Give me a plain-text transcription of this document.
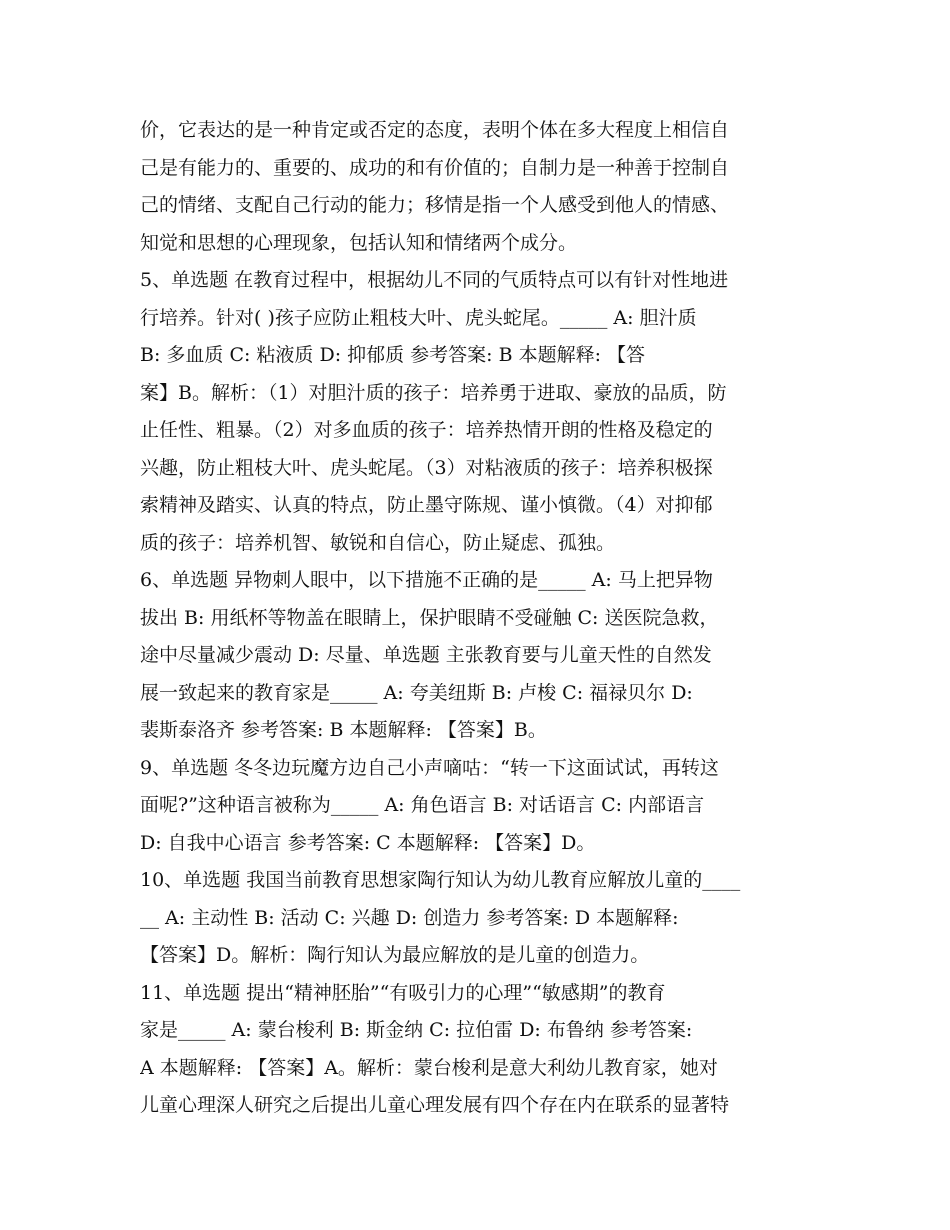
价，它表达的是一种肯定或否定的态度，表明个体在多大程度上相信自
己是有能力的、重要的、成功的和有价值的；自制力是一种善于控制自
己的情绪、支配自己行动的能力；移情是指一个人感受到他人的情感、
知觉和思想的心理现象，包括认知和情绪两个成分。
5、单选题 在教育过程中，根据幼儿不同的气质特点可以有针对性地进
行培养。针对( )孩子应防止粗枝大叶、虎头蛇尾。_____ A: 胆汁质
B: 多血质 C: 粘液质 D: 抑郁质 参考答案: B 本题解释: 【答
案】B。解析：（1）对胆汁质的孩子：培养勇于进取、豪放的品质，防
止任性、粗暴。（2）对多血质的孩子：培养热情开朗的性格及稳定的
兴趣，防止粗枝大叶、虎头蛇尾。（3）对粘液质的孩子：培养积极探
索精神及踏实、认真的特点，防止墨守陈规、谨小慎微。（4）对抑郁
质的孩子：培养机智、敏锐和自信心，防止疑虑、孤独。
6、单选题 异物刺人眼中，以下措施不正确的是_____ A: 马上把异物
拔出 B: 用纸杯等物盖在眼睛上，保护眼睛不受碰触 C: 送医院急救，
途中尽量减少震动 D: 尽量、单选题 主张教育要与儿童天性的自然发
展一致起来的教育家是_____ A: 夸美纽斯 B: 卢梭 C: 福禄贝尔 D:
裴斯泰洛齐 参考答案: B 本题解释: 【答案】B。
9、单选题 冬冬边玩魔方边自己小声嘀咕：“转一下这面试试，再转这
面呢?”这种语言被称为_____ A: 角色语言 B: 对话语言 C: 内部语言
D: 自我中心语言 参考答案: C 本题解释: 【答案】D。
10、单选题 我国当前教育思想家陶行知认为幼儿教育应解放儿童的____
__ A: 主动性 B: 活动 C: 兴趣 D: 创造力 参考答案: D 本题解释:
【答案】D。解析：陶行知认为最应解放的是儿童的创造力。
11、单选题 提出“精神胚胎”“有吸引力的心理”“敏感期”的教育
家是_____ A: 蒙台梭利 B: 斯金纳 C: 拉伯雷 D: 布鲁纳 参考答案:
A 本题解释: 【答案】A。解析：蒙台梭利是意大利幼儿教育家，她对
儿童心理深人研究之后提出儿童心理发展有四个存在内在联系的显著特
